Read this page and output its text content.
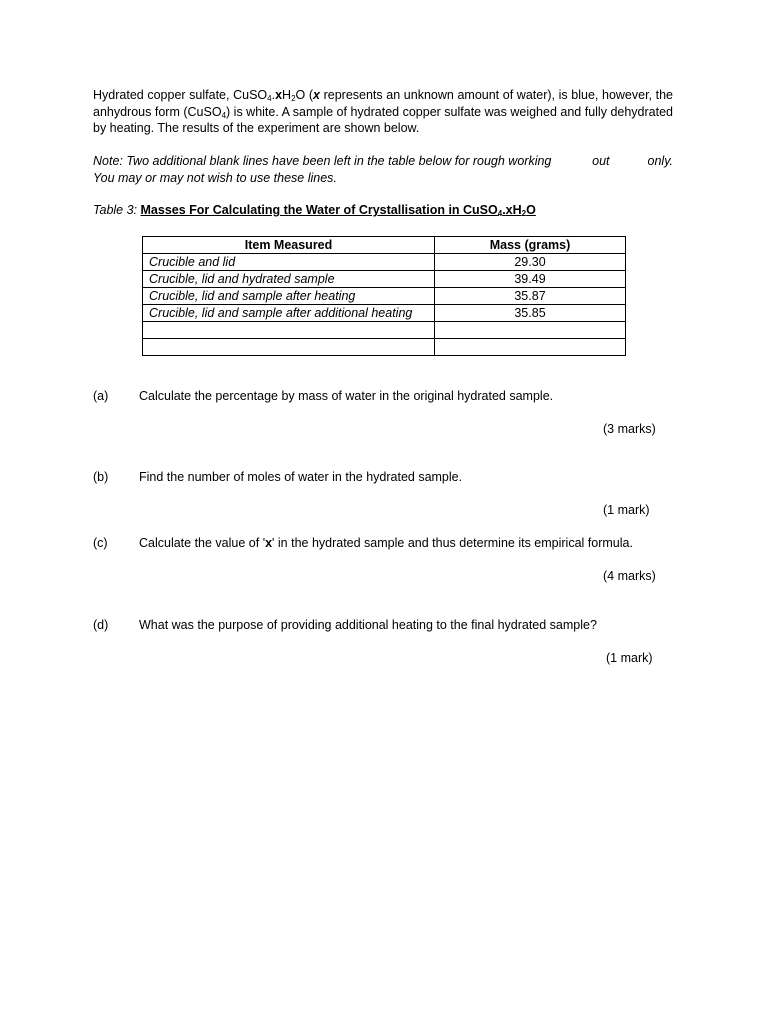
Hydrated copper sulfate, $CuSO_4.xH_2O$ (x represents an unknown amount of water), is blue, however, the anhydrous form (CuSO$_4$) is white. A sample of hydrated copper sulfate was weighed and fully dehydrated by heating. The results of the experiment are shown below.

Note: Two additional blank lines have been left in the table below for rough working	out	only.
You may or may not wish to use these lines.

Table 3: Masses For Calculating the Water of Crystallisation in $CuSO_4.xH_2O$

Item Measured	Mass (grams)
Crucible and lid	29.30
Crucible, lid and hydrated sample	39.49
Crucible, lid and sample after heating	35.87
Crucible, lid and sample after additional heating	35.85

(a) Calculate the percentage by mass of water in the original hydrated sample.
(3 marks)
(b) Find the number of moles of water in the hydrated sample.
(1 mark)
(c)	Calculate the value of 'x' in the hydrated sample and thus determine its empirical formula.
(4 marks)
(d) What was the purpose of providing additional heating to the final hydrated sample?
(1 mark)
